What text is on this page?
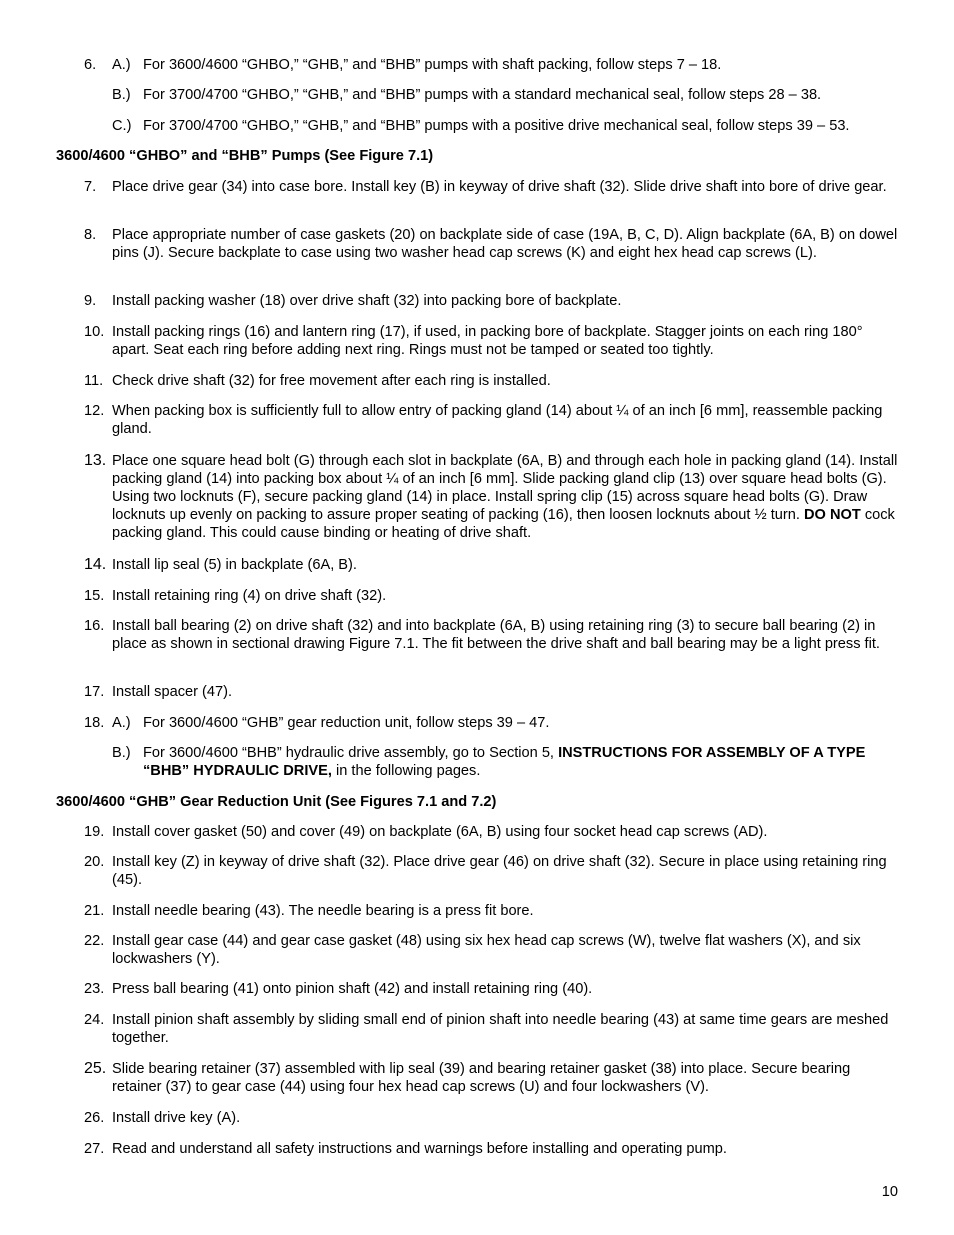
6.	A.) For 3600/4600 “GHBO,” “GHB,” and “BHB” pumps with shaft packing, follow steps 7 – 18.
B.) For 3700/4700 “GHBO,” “GHB,” and “BHB” pumps with a standard mechanical seal, follow steps 28 – 38.
C.) For 3700/4700 “GHBO,” “GHB,” and “BHB” pumps with a positive drive mechanical seal, follow steps 39 – 53.
3600/4600 “GHBO” and “BHB” Pumps (See Figure 7.1)
7.	Place drive gear (34) into case bore. Install key (B) in keyway of drive shaft (32). Slide drive shaft into bore of drive gear.
8.	Place appropriate number of case gaskets (20) on backplate side of case (19A, B, C, D). Align backplate (6A, B) on dowel pins (J). Secure backplate to case using two washer head cap screws (K) and eight hex head cap screws (L).
9.	Install packing washer (18) over drive shaft (32) into packing bore of backplate.
10. Install packing rings (16) and lantern ring (17), if used, in packing bore of backplate. Stagger joints on each ring 180° apart. Seat each ring before adding next ring. Rings must not be tamped or seated too tightly.
11. Check drive shaft (32) for free movement after each ring is installed.
12. When packing box is sufficiently full to allow entry of packing gland (14) about ¼ of an inch [6 mm], reassemble packing gland.
13. Place one square head bolt (G) through each slot in backplate (6A, B) and through each hole in packing gland (14). Install packing gland (14) into packing box about ¼ of an inch [6 mm]. Slide packing gland clip (13) over square head bolts (G). Using two locknuts (F), secure packing gland (14) in place. Install spring clip (15) across square head bolts (G). Draw locknuts up evenly on packing to assure proper seating of packing (16), then loosen locknuts about ½ turn. DO NOT cock packing gland. This could cause binding or heating of drive shaft.
14. Install lip seal (5) in backplate (6A, B).
15. Install retaining ring (4) on drive shaft (32).
16. Install ball bearing (2) on drive shaft (32) and into backplate (6A, B) using retaining ring (3) to secure ball bearing (2) in place as shown in sectional drawing Figure 7.1. The fit between the drive shaft and ball bearing may be a light press fit.
17. Install spacer (47).
18. A.) For 3600/4600 “GHB” gear reduction unit, follow steps 39 – 47.
B.) For 3600/4600 “BHB” hydraulic drive assembly, go to Section 5, INSTRUCTIONS FOR ASSEMBLY OF A TYPE “BHB” HYDRAULIC DRIVE, in the following pages.
3600/4600 “GHB” Gear Reduction Unit (See Figures 7.1 and 7.2)
19. Install cover gasket (50) and cover (49) on backplate (6A, B) using four socket head cap screws (AD).
20. Install key (Z) in keyway of drive shaft (32). Place drive gear (46) on drive shaft (32). Secure in place using retaining ring (45).
21. Install needle bearing (43). The needle bearing is a press fit bore.
22. Install gear case (44) and gear case gasket (48) using six hex head cap screws (W), twelve flat washers (X), and six lockwashers (Y).
23. Press ball bearing (41) onto pinion shaft (42) and install retaining ring (40).
24. Install pinion shaft assembly by sliding small end of pinion shaft into needle bearing (43) at same time gears are meshed together.
25. Slide bearing retainer (37) assembled with lip seal (39) and bearing retainer gasket (38) into place. Secure bearing retainer (37) to gear case (44) using four hex head cap screws (U) and four lockwashers (V).
26. Install drive key (A).
27. Read and understand all safety instructions and warnings before installing and operating pump.
10
